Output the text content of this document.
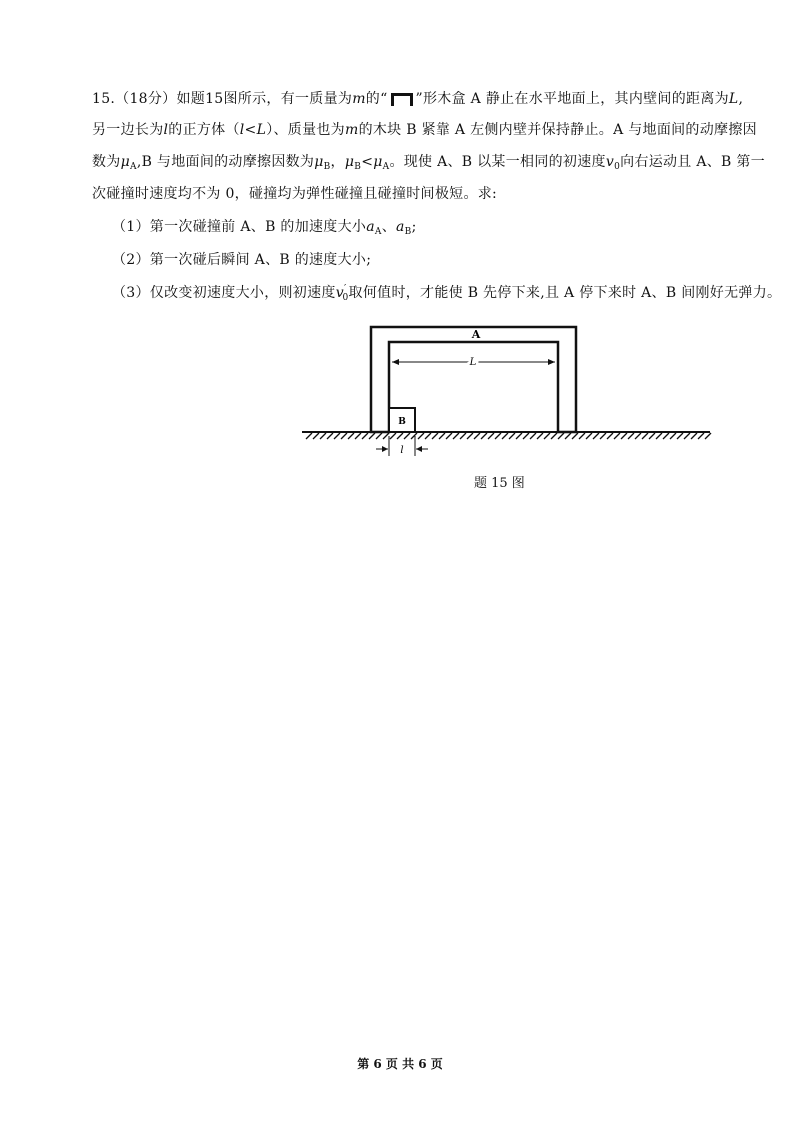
15.（18分）如题15图所示，有一质量为m的“ ”形木盒 A 静止在水平地面上，其内壁间的距离为L,
另一边长为l的正方体（l<L）、质量也为m的木块 B 紧靠 A 左侧内壁并保持静止。A 与地面间的动摩擦因
数为$\mu_A,B$ 与地面间的动摩擦因数为$\mu_B$，$\mu_B<\mu_A$。现使 A、B 以某一相同的初速度$v_0$向右运动且 A、B 第一
次碰撞时速度均不为 0，碰撞均为弹性碰撞且碰撞时间极短。求:
（1）第一次碰撞前 A、B 的加速度大小$a_A$、$a_B$;
（2）第一次碰后瞬间 A、B 的速度大小;
（3）仅改变初速度大小，则初速度$v'_0$取何值时，才能使 B 先停下来,且 A 停下来时 A、B 间刚好无弹力。
A
L
B
l
题 15 图
第 6 页 共 6 页
